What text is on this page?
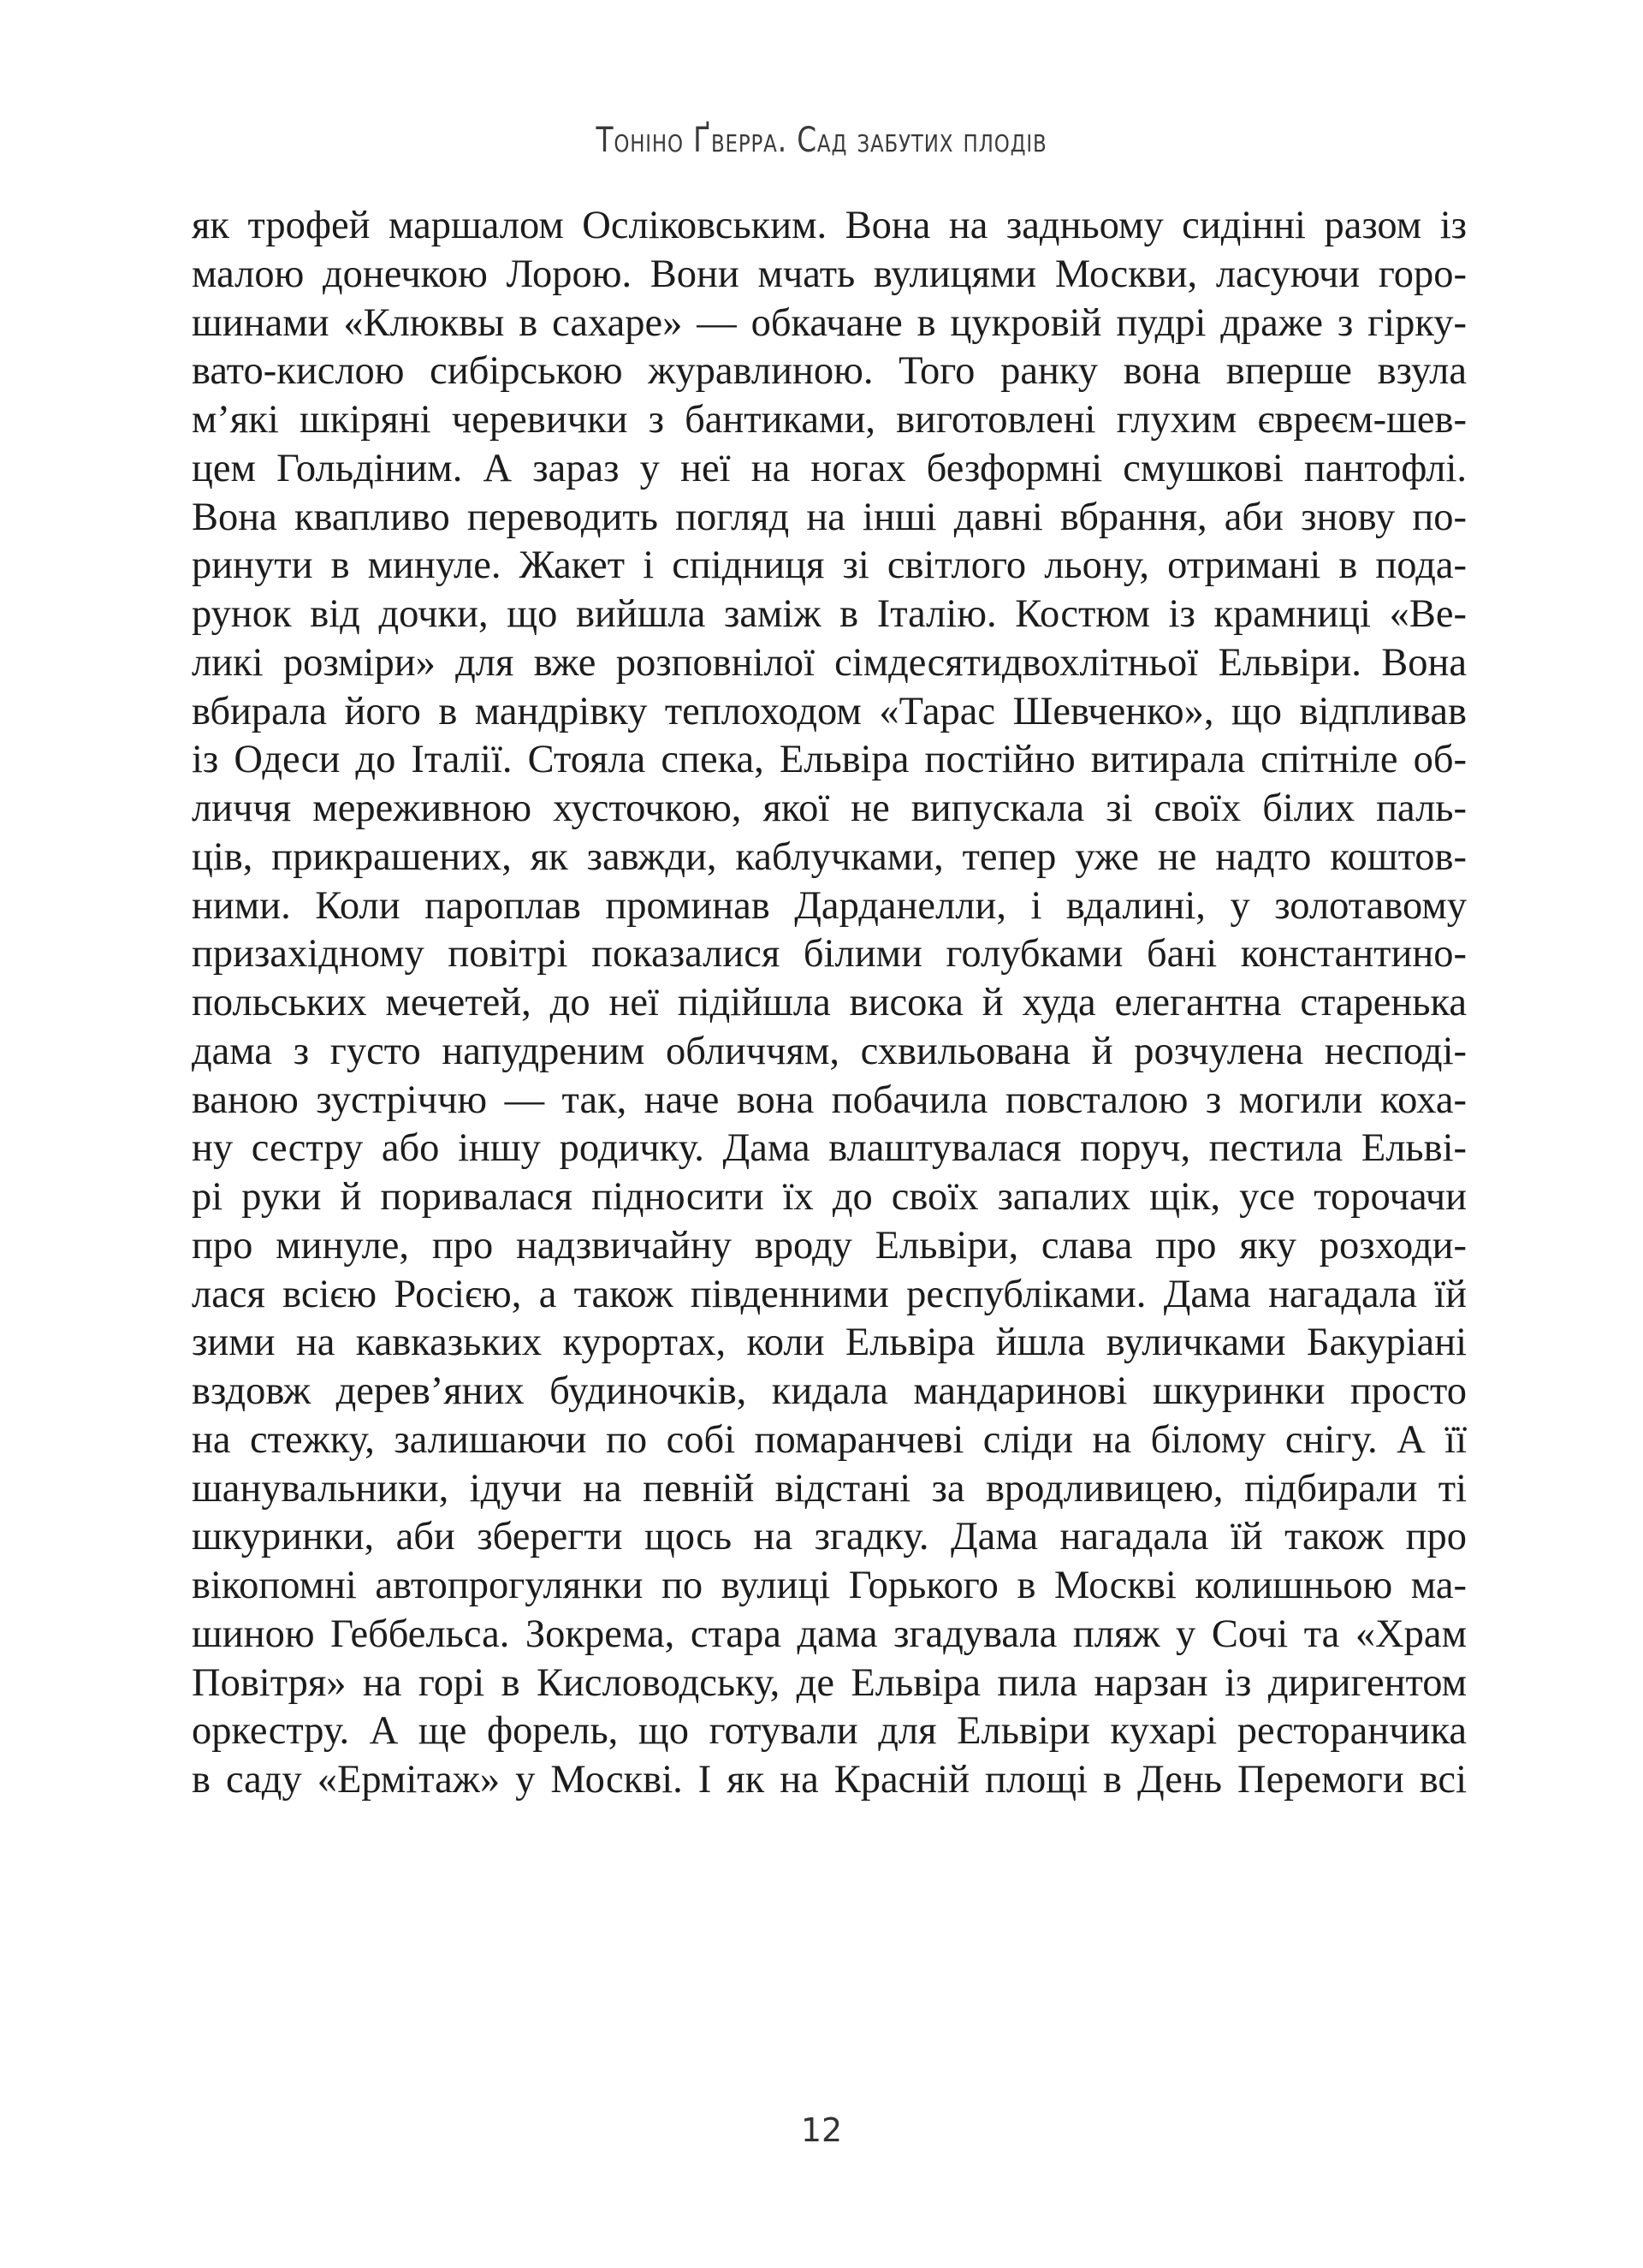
Тоніно Ґверра. Сад забутих плодів
як трофей маршалом Осліковським. Вона на задньому сидінні разом із
малою донечкою Лорою. Вони мчать вулицями Москви, ласуючи горо-
шинами «Клюквы в сахаре» — обкачане в цукровій пудрі драже з гірку-
вато-кислою сибірською журавлиною. Того ранку вона вперше взула
м’які шкіряні черевички з бантиками, виготовлені глухим євреєм-шев-
цем Гольдіним. А зараз у неї на ногах безформні смушкові пантофлі.
Вона квапливо переводить погляд на інші давні вбрання, аби знову по-
ринути в минуле. Жакет і спідниця зі світлого льону, отримані в пода-
рунок від дочки, що вийшла заміж в Італію. Костюм із крамниці «Ве-
ликі розміри» для вже розповнілої сімдесятидвохлітньої Ельвіри. Вона
вбирала його в мандрівку теплоходом «Тарас Шевченко», що відпливав
із Одеси до Італії. Стояла спека, Ельвіра постійно витирала спітніле об-
личчя мереживною хусточкою, якої не випускала зі своїх білих паль-
ців, прикрашених, як завжди, каблучками, тепер уже не надто коштов-
ними. Коли пароплав проминав Дарданелли, і вдалині, у золотавому
призахідному повітрі показалися білими голубками бані константино-
польських мечетей, до неї підійшла висока й худа елегантна старенька
дама з густо напудреним обличчям, схвильована й розчулена несподі-
ваною зустріччю — так, наче вона побачила повсталою з могили коха-
ну сестру або іншу родичку. Дама влаштувалася поруч, пестила Ельві-
рі руки й поривалася підносити їх до своїх запалих щік, усе торочачи
про минуле, про надзвичайну вроду Ельвіри, слава про яку розходи-
лася всією Росією, а також південними республіками. Дама нагадала їй
зими на кавказьких курортах, коли Ельвіра йшла вуличками Бакуріані
вздовж дерев’яних будиночків, кидала мандаринові шкуринки просто
на стежку, залишаючи по собі помаранчеві сліди на білому снігу. А її
шанувальники, ідучи на певній відстані за вродливицею, підбирали ті
шкуринки, аби зберегти щось на згадку. Дама нагадала їй також про
вікопомні автопрогулянки по вулиці Горького в Москві колишньою ма-
шиною Геббельса. Зокрема, стара дама згадувала пляж у Сочі та «Храм
Повітря» на горі в Кисловодську, де Ельвіра пила нарзан із диригентом
оркестру. А ще форель, що готували для Ельвіри кухарі ресторанчика
в саду «Ермітаж» у Москві. І як на Красній площі в День Перемоги всі
12
